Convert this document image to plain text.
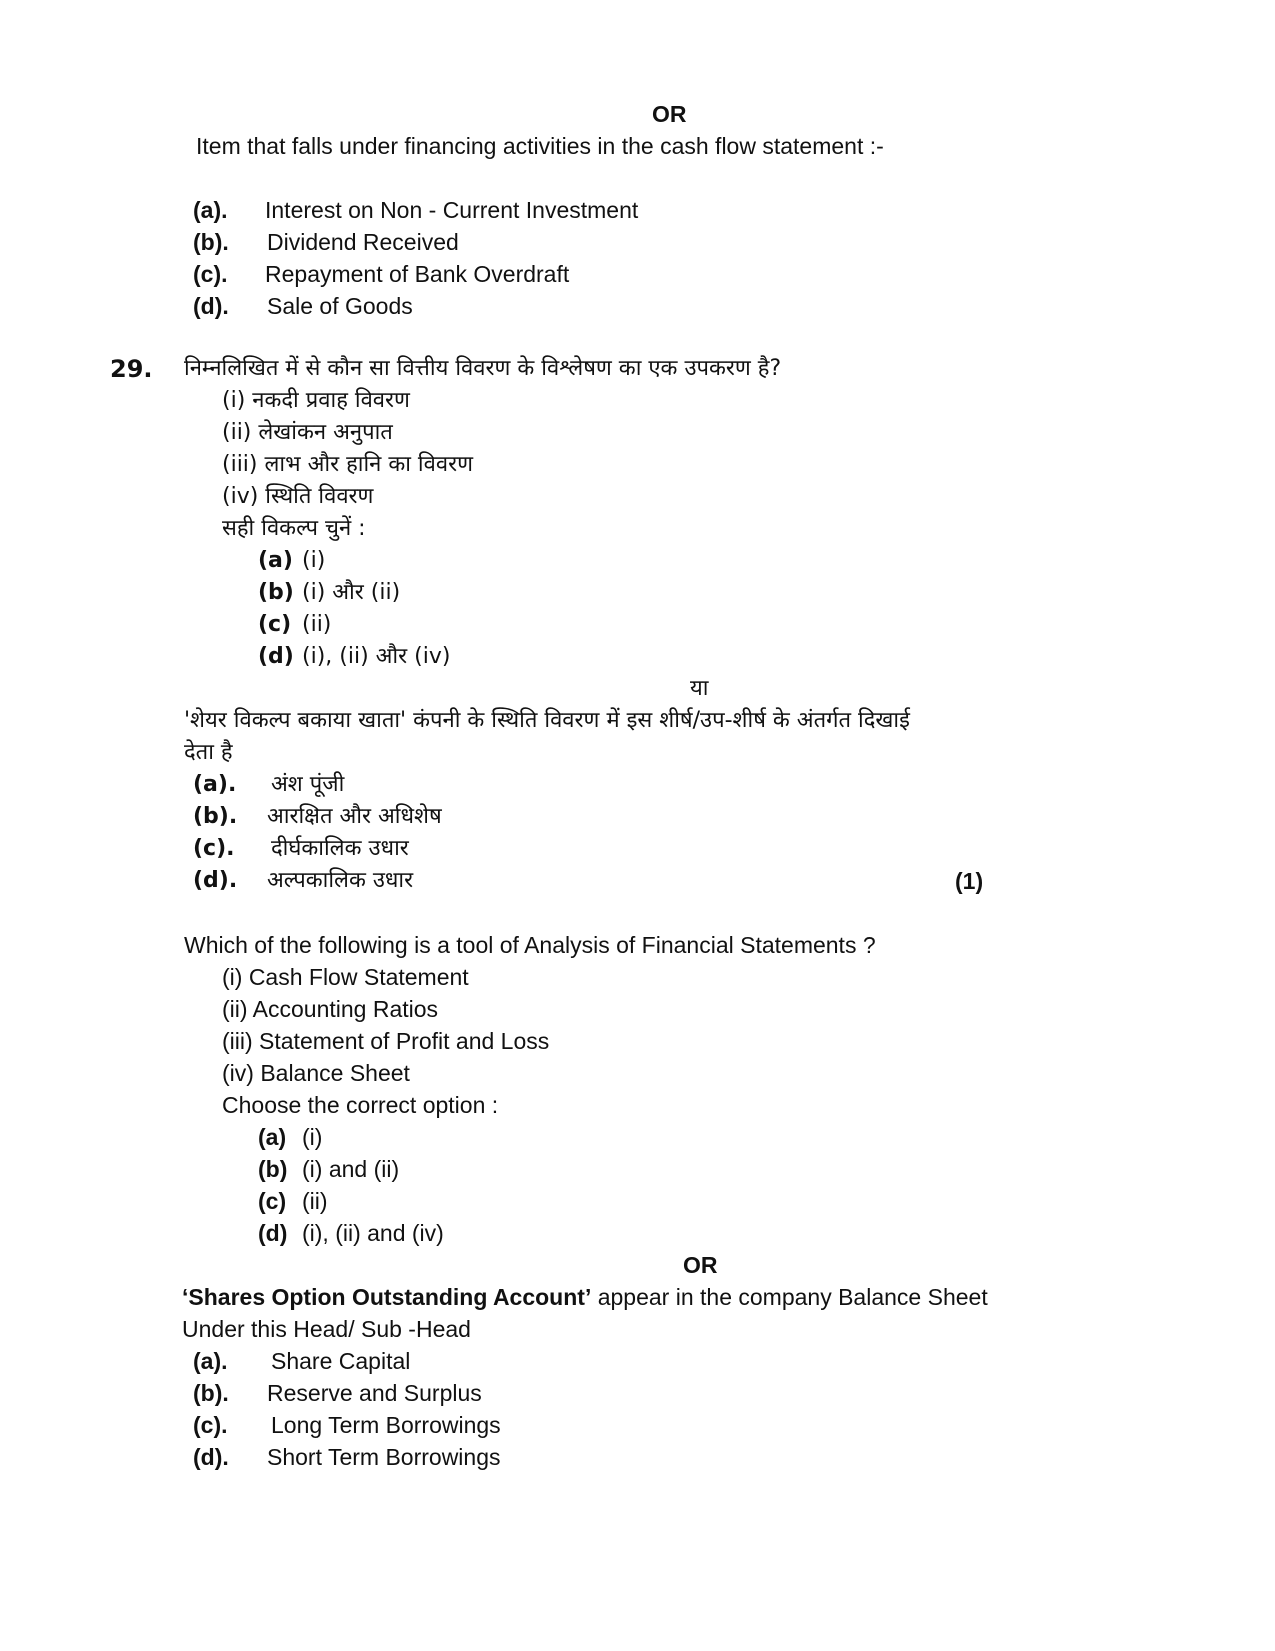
OR
Item that falls under financing activities in the cash flow statement :-
(a). Interest on Non - Current Investment
(b). Dividend Received
(c). Repayment of Bank Overdraft
(d). Sale of Goods
29. निम्नलिखित में से कौन सा वित्तीय विवरण के विश्लेषण का एक उपकरण है?
(i) नकदी प्रवाह विवरण
(ii) लेखांकन अनुपात
(iii) लाभ और हानि का विवरण
(iv) स्थिति विवरण
सही विकल्प चुनें :
(a) (i)
(b) (i) और (ii)
(c) (ii)
(d) (i), (ii) और (iv)
या
'शेयर विकल्प बकाया खाता' कंपनी के स्थिति विवरण में इस शीर्ष/उप-शीर्ष के अंतर्गत दिखाई
देता है
(a). अंश पूंजी
(b). आरक्षित और अधिशेष
(c). दीर्घकालिक उधार
(d). अल्पकालिक उधार	(1)
Which of the following is a tool of Analysis of Financial Statements ?
(i) Cash Flow Statement
(ii) Accounting Ratios
(iii) Statement of Profit and Loss
(iv) Balance Sheet
Choose the correct option :
(a) (i)
(b) (i) and (ii)
(c) (ii)
(d) (i), (ii) and (iv)
OR
‘Shares Option Outstanding Account’ appear in the company Balance Sheet
Under this Head/ Sub -Head
(a). Share Capital
(b). Reserve and Surplus
(c). Long Term Borrowings
(d). Short Term Borrowings
